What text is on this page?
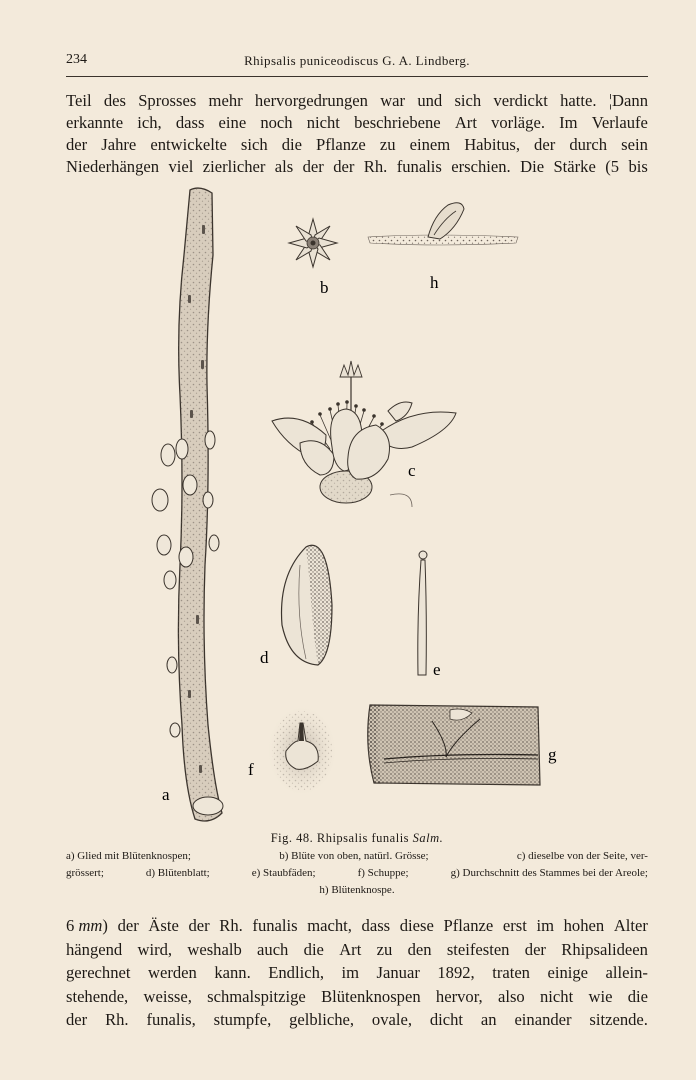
234	Rhipsalis puniceodiscus G. A. Lindberg.
Teil des Sprosses mehr hervorgedrungen war und sich verdickt hatte. ¦Dann
erkannte ich, dass eine noch nicht beschriebene Art vorläge. Im Verlaufe
der Jahre entwickelte sich die Pflanze zu einem Habitus, der durch sein
Niederhängen viel zierlicher als der der Rh. funalis erschien. Die Stärke (5 bis
a
b	h
c
d
e
f
g
Fig. 48. Rhipsalis funalis Salm.
a) Glied mit Blütenknospen;	b) Blüte von oben, natürl. Grösse;	c) dieselbe von der Seite, ver-
grössert;	d) Blütenblatt;	e) Staubfäden;	f) Schuppe;	g) Durchschnitt des Stammes bei der Areole;
h) Blütenknospe.
6 mm) der Äste der Rh. funalis macht, dass diese Pflanze erst im hohen Alter
hängend wird, weshalb auch die Art zu den steifesten der Rhipsalideen
gerechnet werden kann. Endlich, im Januar 1892, traten einige allein-
stehende, weisse, schmalspitzige Blütenknospen hervor, also nicht wie die
der Rh. funalis, stumpfe, gelbliche, ovale, dicht an einander sitzende.
